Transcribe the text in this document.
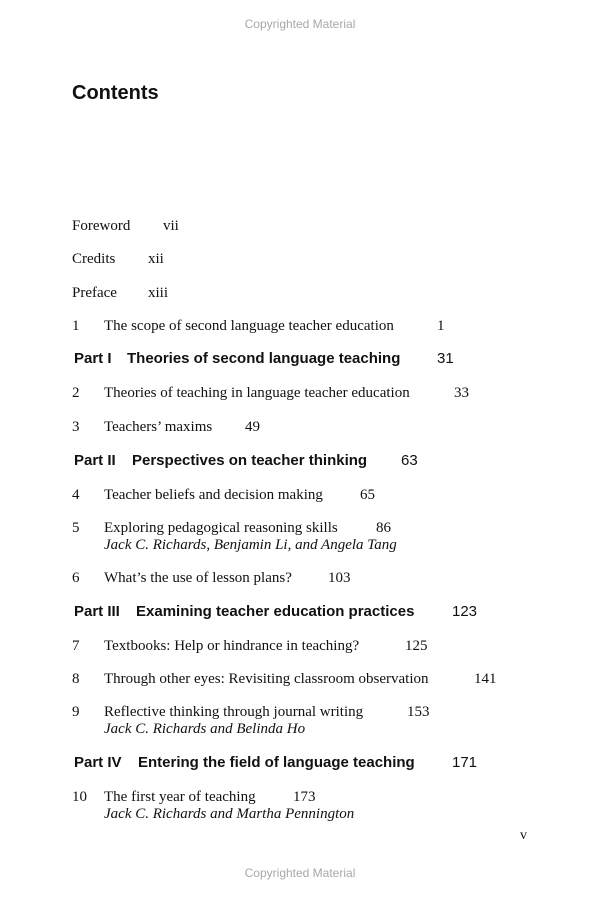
Copyrighted Material
Contents
Foreword vii
Credits xii
Preface xiii
1 The scope of second language teacher education	1
Part I Theories of second language teaching 31
2 Theories of teaching in language teacher education	33
3 Teachers’ maxims 49
Part II Perspectives on teacher thinking 63
4 Teacher beliefs and decision making 65
5 Exploring pedagogical reasoning skills	86
Jack C. Richards, Benjamin Li, and Angela Tang
6 What’s the use of lesson plans? 103
Part III Examining teacher education practices	123
7 Textbooks: Help or hindrance in teaching?	125
8 Through other eyes: Revisiting classroom observation	141
9 Reflective thinking through journal writing	153
Jack C. Richards and Belinda Ho
Part IV Entering the field of language teaching 171
10 The first year of teaching 173
Jack C. Richards and Martha Pennington
v
Copyrighted Material
